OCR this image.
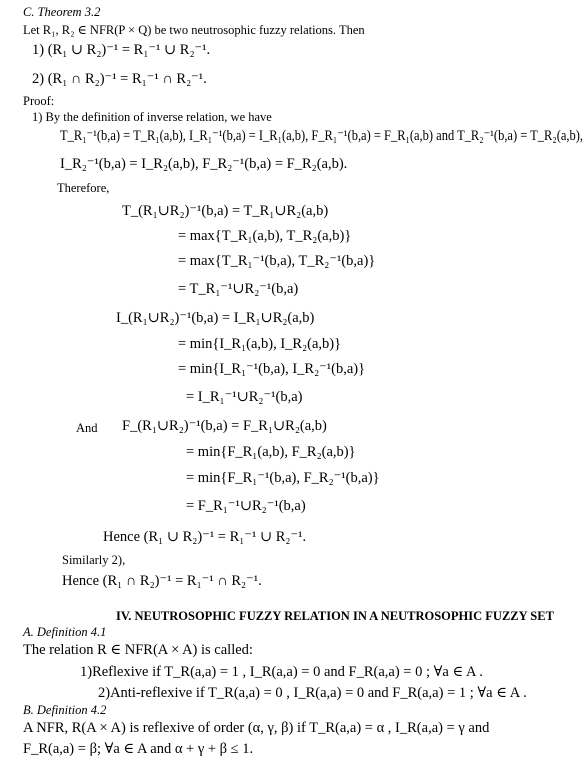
C. Theorem 3.2
Let R₁, R₂ ∈ NFR(P × Q) be two neutrosophic fuzzy relations. Then
1) (R₁ ∪ R₂)⁻¹ = R₁⁻¹ ∪ R₂⁻¹.
2) (R₁ ∩ R₂)⁻¹ = R₁⁻¹ ∩ R₂⁻¹.
Proof:
1) By the definition of inverse relation, we have
T_R₁⁻¹(b,a) = T_R₁(a,b), I_R₁⁻¹(b,a) = I_R₁(a,b), F_R₁⁻¹(b,a) = F_R₁(a,b) and T_R₂⁻¹(b,a) = T_R₂(a,b),
I_R₂⁻¹(b,a) = I_R₂(a,b), F_R₂⁻¹(b,a) = F_R₂(a,b).
Therefore,
T_(R₁∪R₂)⁻¹(b,a) = T_R₁∪R₂(a,b)
= max{T_R₁(a,b), T_R₂(a,b)}
= max{T_R₁⁻¹(b,a), T_R₂⁻¹(b,a)}
= T_R₁⁻¹∪R₂⁻¹(b,a)
I_(R₁∪R₂)⁻¹(b,a) = I_R₁∪R₂(a,b)
= min{I_R₁(a,b), I_R₂(a,b)}
= min{I_R₁⁻¹(b,a), I_R₂⁻¹(b,a)}
= I_R₁⁻¹∪R₂⁻¹(b,a)
And F_(R₁∪R₂)⁻¹(b,a) = F_R₁∪R₂(a,b)
= min{F_R₁(a,b), F_R₂(a,b)}
= min{F_R₁⁻¹(b,a), F_R₂⁻¹(b,a)}
= F_R₁⁻¹∪R₂⁻¹(b,a)
Hence (R₁ ∪ R₂)⁻¹ = R₁⁻¹ ∪ R₂⁻¹.
Similarly 2),
Hence (R₁ ∩ R₂)⁻¹ = R₁⁻¹ ∩ R₂⁻¹.
IV. NEUTROSOPHIC FUZZY RELATION IN A NEUTROSOPHIC FUZZY SET
A. Definition 4.1
The relation R ∈ NFR(A × A) is called:
1)Reflexive if T_R(a,a) = 1 , I_R(a,a) = 0 and F_R(a,a) = 0 ; ∀a ∈ A .
2)Anti-reflexive if T_R(a,a) = 0 , I_R(a,a) = 0 and F_R(a,a) = 1 ; ∀a ∈ A .
B. Definition 4.2
A NFR, R(A × A) is reflexive of order (α, γ, β) if T_R(a,a) = α , I_R(a,a) = γ and
F_R(a,a) = β; ∀a ∈ A and α + γ + β ≤ 1.
